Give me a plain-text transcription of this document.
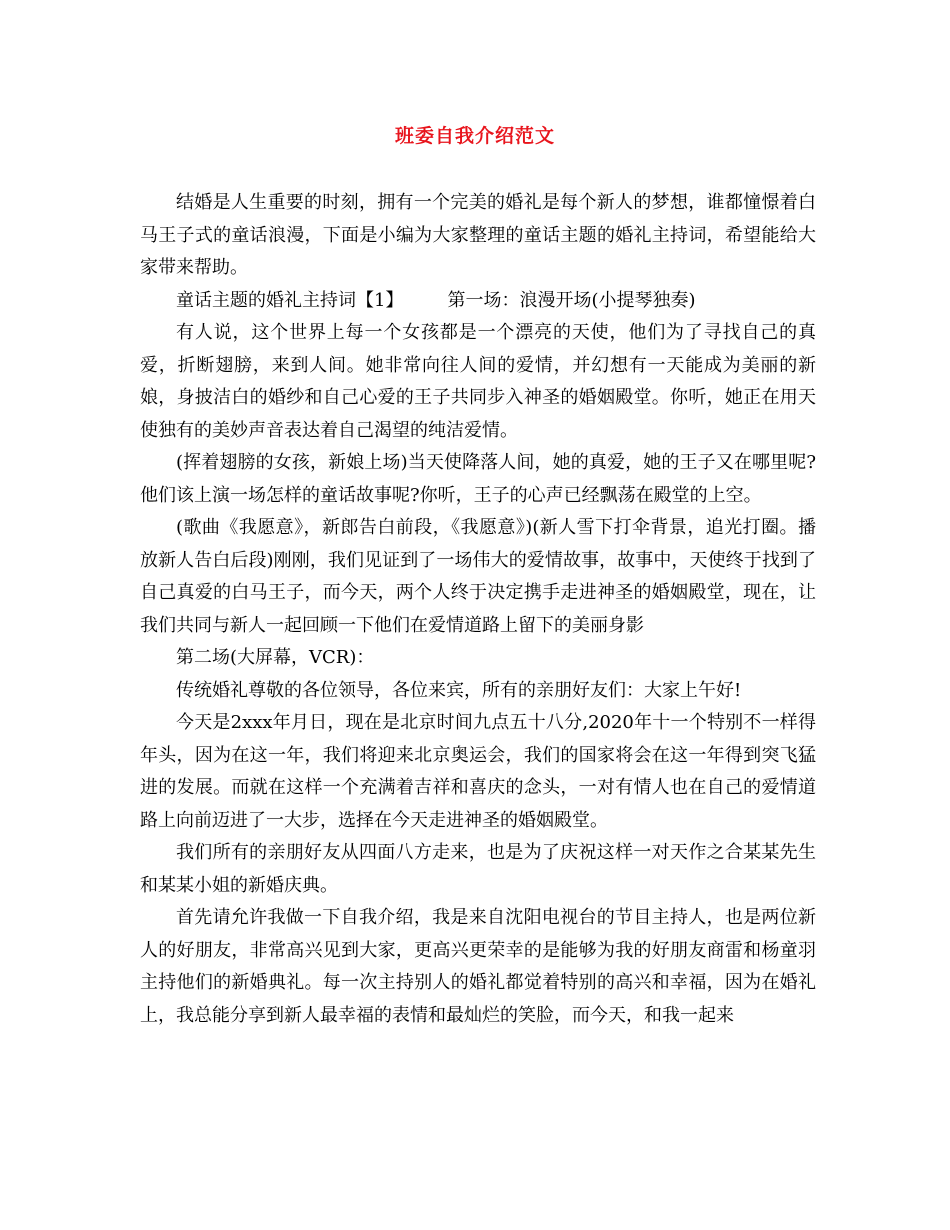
班委自我介绍范文

结婚是人生重要的时刻，拥有一个完美的婚礼是每个新人的梦想，谁都憧憬着白马王子式的童话浪漫，下面是小编为大家整理的童话主题的婚礼主持词，希望能给大家带来帮助。

童话主题的婚礼主持词【1】 第一场：浪漫开场(小提琴独奏)

有人说，这个世界上每一个女孩都是一个漂亮的天使，他们为了寻找自己的真爱，折断翅膀，来到人间。她非常向往人间的爱情，并幻想有一天能成为美丽的新娘，身披洁白的婚纱和自己心爱的王子共同步入神圣的婚姻殿堂。你听，她正在用天使独有的美妙声音表达着自己渴望的纯洁爱情。

(挥着翅膀的女孩，新娘上场)当天使降落人间，她的真爱，她的王子又在哪里呢?他们该上演一场怎样的童话故事呢?你听，王子的心声已经飘荡在殿堂的上空。

(歌曲《我愿意》，新郎告白前段，《我愿意》)(新人雪下打伞背景，追光打圈。播放新人告白后段)刚刚，我们见证到了一场伟大的爱情故事，故事中，天使终于找到了自己真爱的白马王子，而今天，两个人终于决定携手走进神圣的婚姻殿堂，现在，让我们共同与新人一起回顾一下他们在爱情道路上留下的美丽身影

第二场(大屏幕，VCR)：

传统婚礼尊敬的各位领导，各位来宾，所有的亲朋好友们：大家上午好!

今天是2xxx年月日，现在是北京时间九点五十八分,2020年十一个特别不一样得年头，因为在这一年，我们将迎来北京奥运会，我们的国家将会在这一年得到突飞猛进的发展。而就在这样一个充满着吉祥和喜庆的念头，一对有情人也在自己的爱情道路上向前迈进了一大步，选择在今天走进神圣的婚姻殿堂。

我们所有的亲朋好友从四面八方走来，也是为了庆祝这样一对天作之合某某先生和某某小姐的新婚庆典。

首先请允许我做一下自我介绍，我是来自沈阳电视台的节目主持人，也是两位新人的好朋友，非常高兴见到大家，更高兴更荣幸的是能够为我的好朋友商雷和杨童羽主持他们的新婚典礼。每一次主持别人的婚礼都觉着特别的高兴和幸福，因为在婚礼上，我总能分享到新人最幸福的表情和最灿烂的笑脸，而今天，和我一起来
